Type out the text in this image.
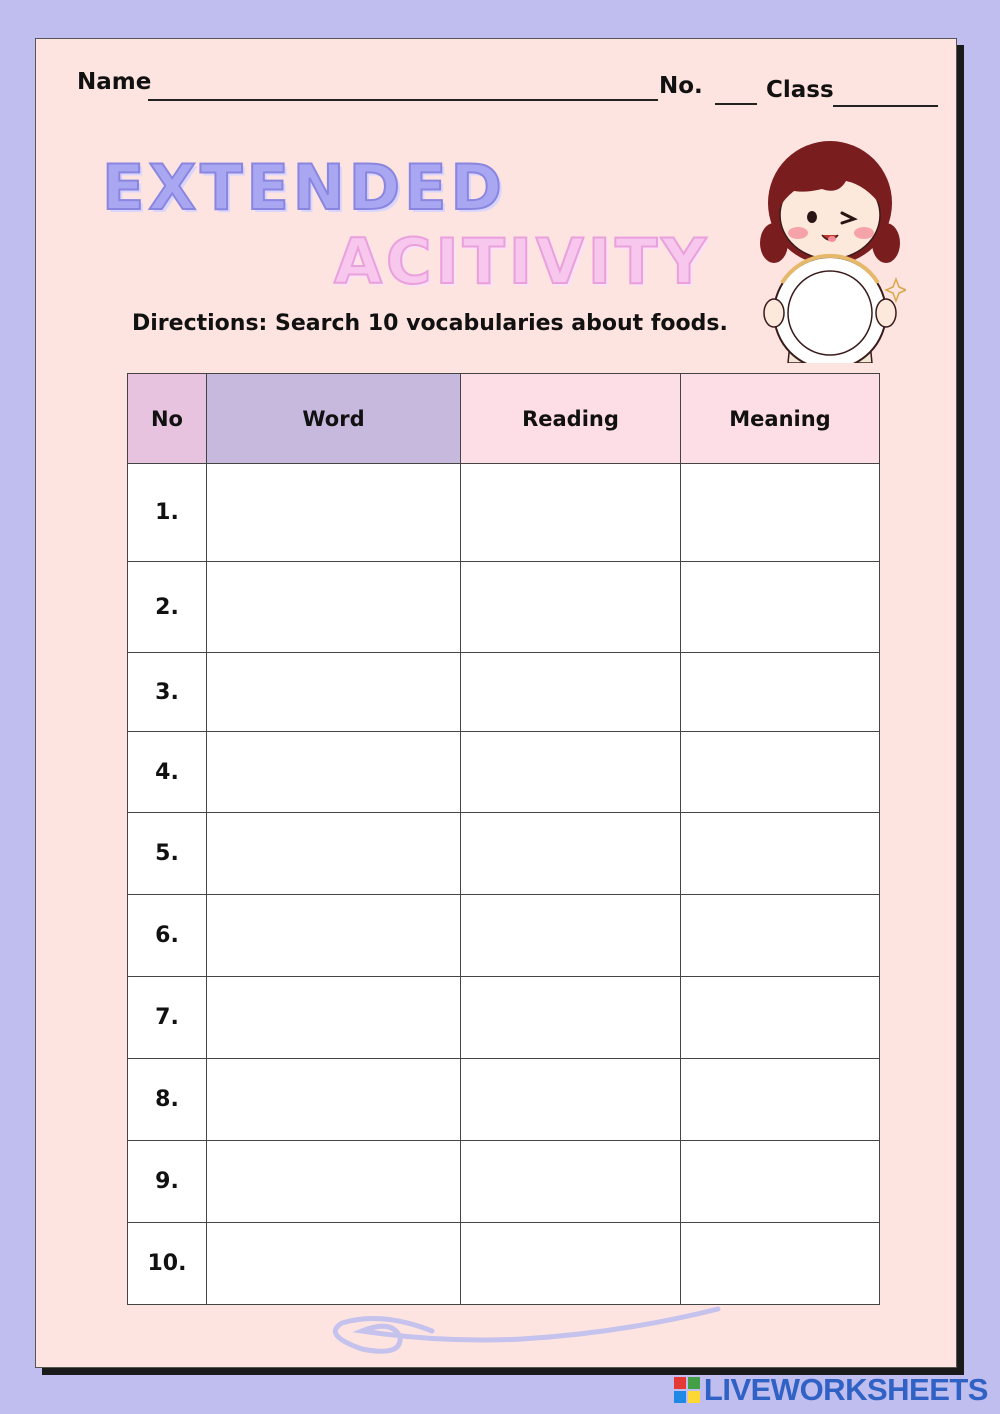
Name	No.	Class
EXTENDED
ACITIVITY
Directions: Search 10 vocabularies about foods.
No	Word	Reading	Meaning
1.			
2.			
3.			
4.			
5.			
6.			
7.			
8.			
9.			
10.			
LIVEWORKSHEETS
